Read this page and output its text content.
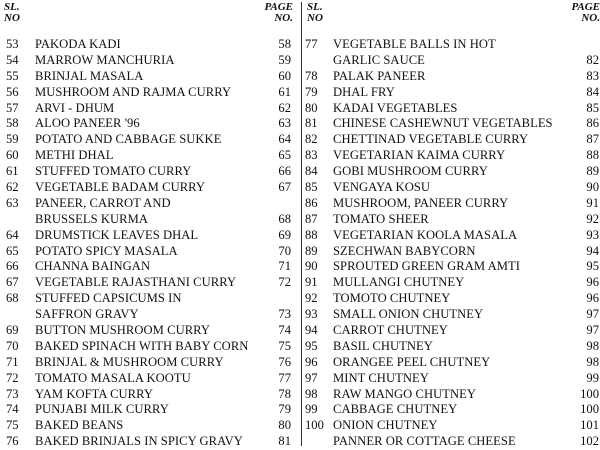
SL.
NO
PAGE
NO.
53 PAKODA KADI	58
54 MARROW MANCHURIA	59
55 BRINJAL MASALA	60
56 MUSHROOM AND RAJMA CURRY	61
57 ARVI - DHUM	62
58 ALOO PANEER '96	63
59 POTATO AND CABBAGE SUKKE	64
60 METHI DHAL	65
61 STUFFED TOMATO CURRY	66
62 VEGETABLE BADAM CURRY	67
63 PANEER, CARROT AND
BRUSSELS KURMA	68
64 DRUMSTICK LEAVES DHAL	69
65 POTATO SPICY MASALA	70
66 CHANNA BAINGAN	71
67 VEGETABLE RAJASTHANI CURRY	72
68 STUFFED CAPSICUMS IN
SAFFRON GRAVY	73
69 BUTTON MUSHROOM CURRY	74
70 BAKED SPINACH WITH BABY CORN 75
71 BRINJAL & MUSHROOM CURRY	76
72 TOMATO MASALA KOOTU	77
73 YAM KOFTA CURRY	78
74 PUNJABI MILK CURRY	79
75 BAKED BEANS	80
76 BAKED BRINJALS IN SPICY GRAVY	81
SL.
NO
PAGE
NO.
77 VEGETABLE BALLS IN HOT
GARLIC SAUCE	82
78 PALAK PANEER	83
79 DHAL FRY	84
80 KADAI VEGETABLES	85
81 CHINESE CASHEWNUT VEGETABLES	86
82 CHETTINAD VEGETABLE CURRY	87
83 VEGETARIAN KAIMA CURRY	88
84 GOBI MUSHROOM CURRY	89
85 VENGAYA KOSU	90
86 MUSHROOM, PANEER CURRY	91
87 TOMATO SHEER	92
88 VEGETARIAN KOOLA MASALA	93
89 SZECHWAN BABYCORN	94
90 SPROUTED GREEN GRAM AMTI	95
91 MULLANGI CHUTNEY	96
92 TOMOTO CHUTNEY	96
93 SMALL ONION CHUTNEY	97
94 CARROT CHUTNEY	97
95 BASIL CHUTNEY	98
96 ORANGEE PEEL CHUTNEY	98
97 MINT CHUTNEY	99
98 RAW MANGO CHUTNEY	100
99 CABBAGE CHUTNEY	100
100 ONION CHUTNEY	101
PANNER OR COTTAGE CHEESE	102
